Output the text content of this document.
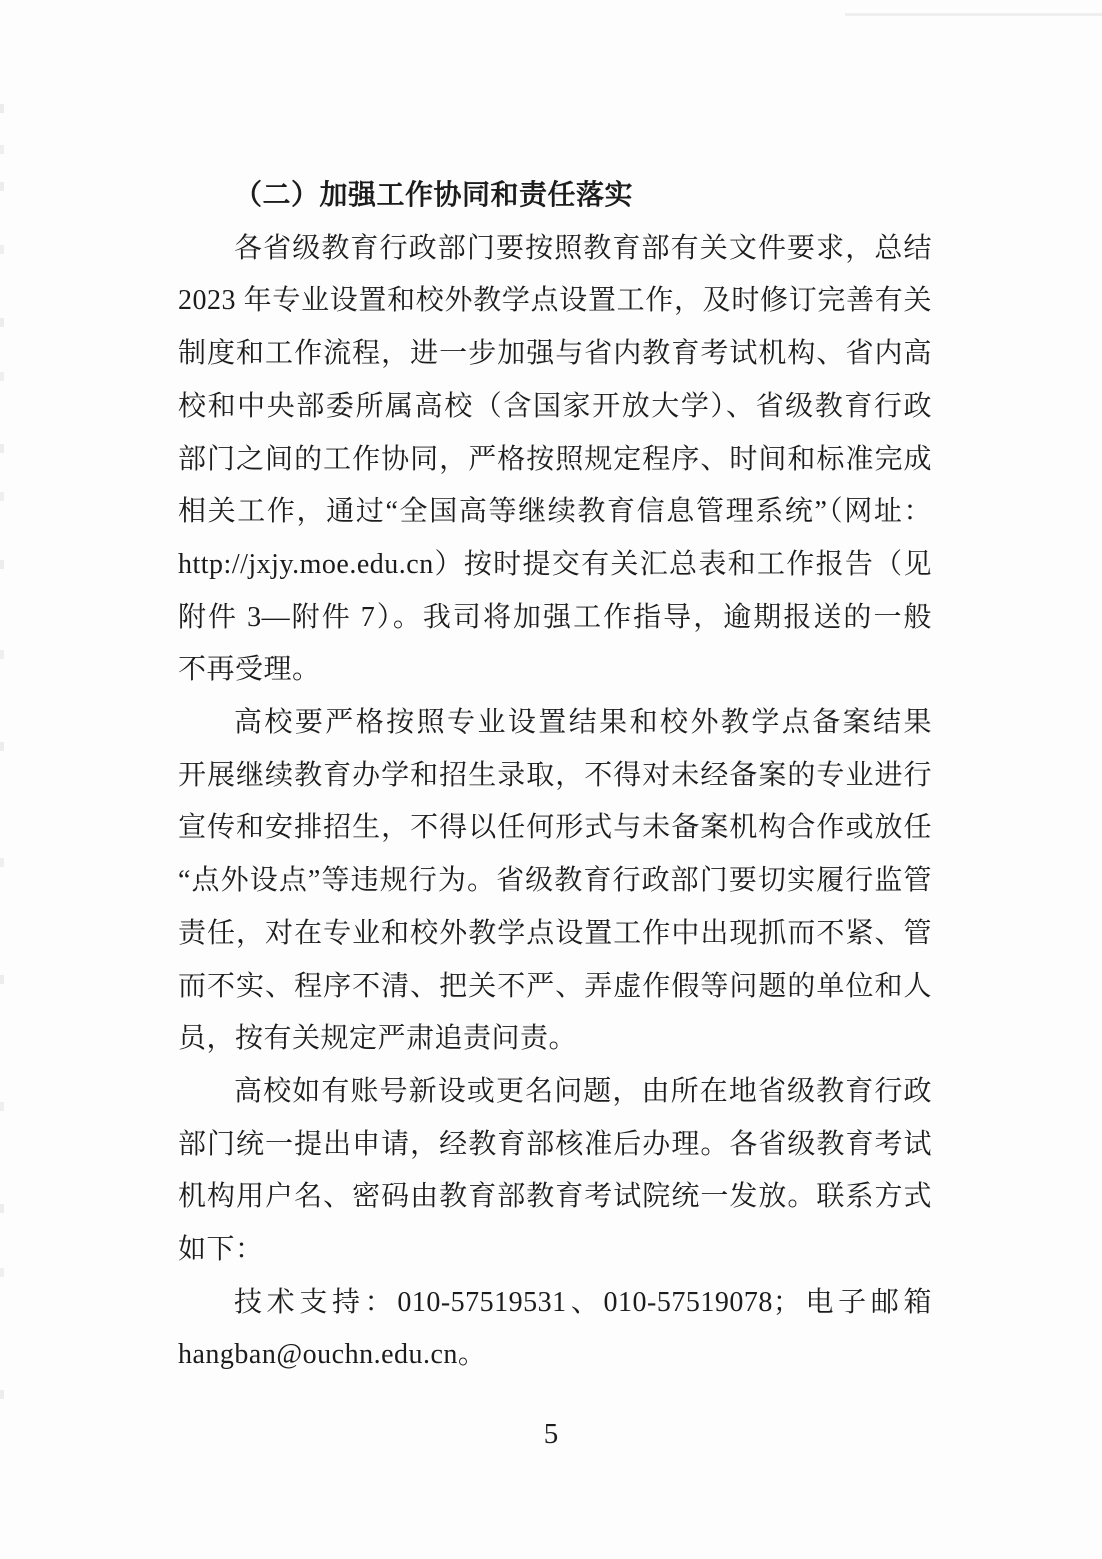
（二）加强工作协同和责任落实

各省级教育行政部门要按照教育部有关文件要求，总结
2023 年专业设置和校外教学点设置工作，及时修订完善有关
制度和工作流程，进一步加强与省内教育考试机构、省内高
校和中央部委所属高校（含国家开放大学）、省级教育行政
部门之间的工作协同，严格按照规定程序、时间和标准完成
相关工作，通过“全国高等继续教育信息管理系统”（网址：
http://jxjy.moe.edu.cn）按时提交有关汇总表和工作报告（见
附件 3—附件 7）。我司将加强工作指导，逾期报送的一般
不再受理。
高校要严格按照专业设置结果和校外教学点备案结果
开展继续教育办学和招生录取，不得对未经备案的专业进行
宣传和安排招生，不得以任何形式与未备案机构合作或放任
“点外设点”等违规行为。省级教育行政部门要切实履行监管
责任，对在专业和校外教学点设置工作中出现抓而不紧、管
而不实、程序不清、把关不严、弄虚作假等问题的单位和人
员，按有关规定严肃追责问责。
高校如有账号新设或更名问题，由所在地省级教育行政
部门统一提出申请，经教育部核准后办理。各省级教育考试
机构用户名、密码由教育部教育考试院统一发放。联系方式
如下：
技术支持：010-57519531、010-57519078；电子邮箱
hangban@ouchn.edu.cn。
5
